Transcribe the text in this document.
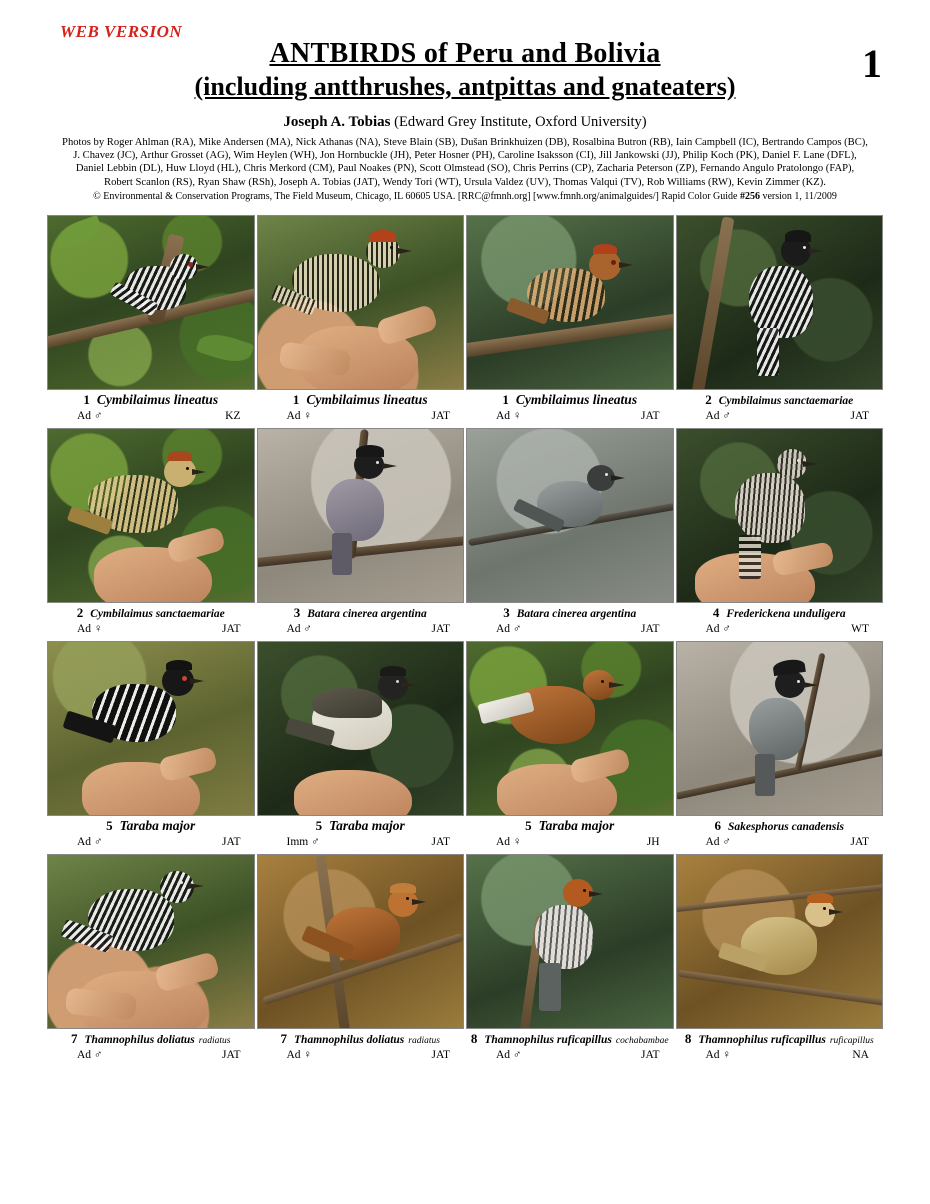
WEB VERSION
1
ANTBIRDS of Peru and Bolivia
(including antthrushes, antpittas and gnateaters)
Joseph A. Tobias (Edward Grey Institute, Oxford University)
Photos by Roger Ahlman (RA), Mike Andersen (MA), Nick Athanas (NA), Steve Blain (SB), Dušan Brinkhuizen (DB), Rosalbina Butron (RB), Iain Campbell (IC), Bertrando Campos (BC),
J. Chavez (JC), Arthur Grosset (AG), Wim Heylen (WH), Jon Hornbuckle (JH), Peter Hosner (PH), Caroline Isaksson (CI), Jill Jankowski (JJ), Philip Koch (PK), Daniel F. Lane (DFL),
Daniel Lebbin (DL), Huw Lloyd (HL), Chris Merkord (CM), Paul Noakes (PN), Scott Olmstead (SO), Chris Perrins (CP), Zacharia Peterson (ZP), Fernando Angulo Pratolongo (FAP),
Robert Scanlon (RS), Ryan Shaw (RSh), Joseph A. Tobias (JAT), Wendy Tori (WT), Ursula Valdez (UV), Thomas Valqui (TV), Rob Williams (RW), Kevin Zimmer (KZ).
© Environmental & Conservation Programs, The Field Museum, Chicago, IL 60605 USA. [RRC@fmnh.org] [www.fmnh.org/animalguides/] Rapid Color Guide #256 version 1, 11/2009
1 Cymbilaimus lineatus
Ad ♂	KZ
1 Cymbilaimus lineatus
Ad ♀	JAT
1 Cymbilaimus lineatus
Ad ♀	JAT
2 Cymbilaimus sanctaemariae
Ad ♂	JAT
2 Cymbilaimus sanctaemariae
Ad ♀	JAT
3 Batara cinerea argentina
Ad ♂	JAT
3 Batara cinerea argentina
Ad ♂	JAT
4 Frederickena unduligera
Ad ♂	WT
5 Taraba major
Ad ♂	JAT
5 Taraba major
Imm ♂	JAT
5 Taraba major
Ad ♀	JH
6 Sakesphorus canadensis
Ad ♂	JAT
7 Thamnophilus doliatus radiatus
Ad ♂	JAT
7 Thamnophilus doliatus radiatus
Ad ♀	JAT
8 Thamnophilus ruficapillus cochabambae
Ad ♂	JAT
8 Thamnophilus ruficapillus ruficapillus
Ad ♀	NA
